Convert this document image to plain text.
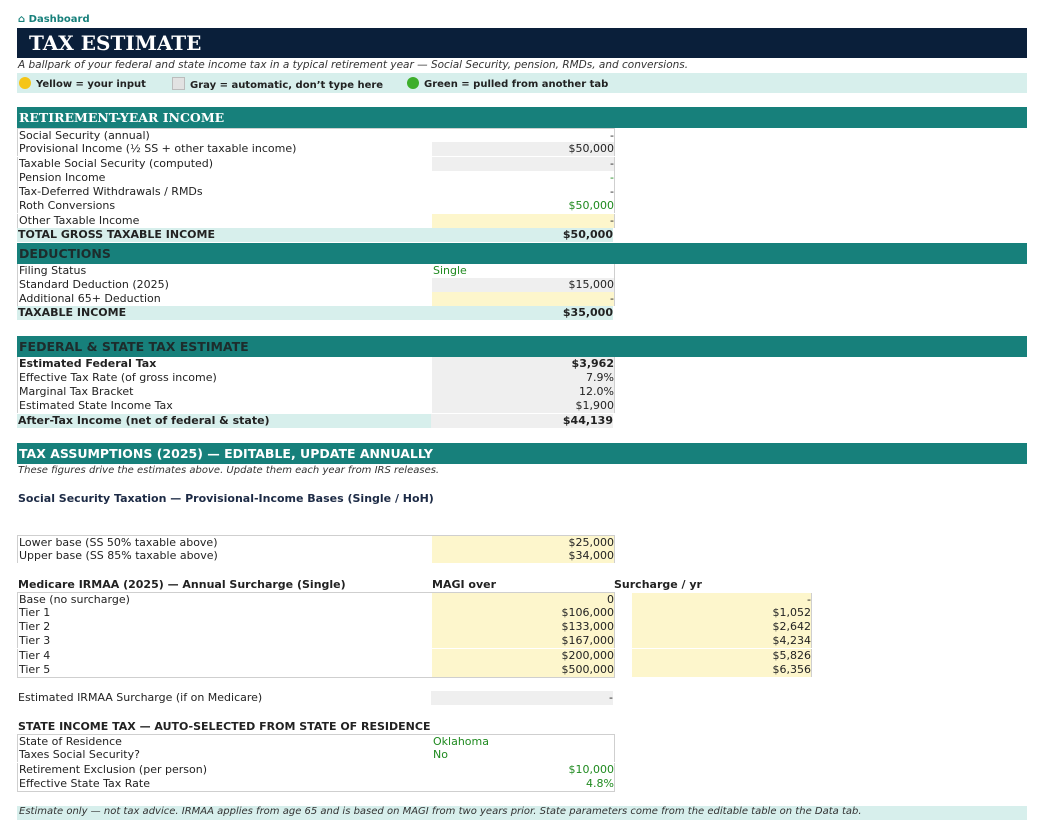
⌂ Dashboard
TAX ESTIMATE
A ballpark of your federal and state income tax in a typical retirement year — Social Security, pension, RMDs, and conversions.
Yellow = your input	Gray = automatic, don’t type here	Green = pulled from another tab
RETIREMENT-YEAR INCOME
Social Security (annual)	-
Provisional Income (½ SS + other taxable income)	$50,000
Taxable Social Security (computed)	-
Pension Income	-
Tax-Deferred Withdrawals / RMDs	-
Roth Conversions	$50,000
Other Taxable Income	-
TOTAL GROSS TAXABLE INCOME	$50,000
DEDUCTIONS
Filing Status	Single
Standard Deduction (2025)	$15,000
Additional 65+ Deduction	-
TAXABLE INCOME	$35,000
FEDERAL & STATE TAX ESTIMATE
Estimated Federal Tax	$3,962
Effective Tax Rate (of gross income)	7.9%
Marginal Tax Bracket	12.0%
Estimated State Income Tax	$1,900
After-Tax Income (net of federal & state)	$44,139
TAX ASSUMPTIONS (2025) — EDITABLE, UPDATE ANNUALLY
These figures drive the estimates above. Update them each year from IRS releases.
Social Security Taxation — Provisional-Income Bases (Single / HoH)
Lower base (SS 50% taxable above)	$25,000
Upper base (SS 85% taxable above)	$34,000
Medicare IRMAA (2025) — Annual Surcharge (Single)	MAGI over	Surcharge / yr
Base (no surcharge)	0	-
Tier 1	$106,000	$1,052
Tier 2	$133,000	$2,642
Tier 3	$167,000	$4,234
Tier 4	$200,000	$5,826
Tier 5	$500,000	$6,356
Estimated IRMAA Surcharge (if on Medicare)	-
STATE INCOME TAX — AUTO-SELECTED FROM STATE OF RESIDENCE
State of Residence	Oklahoma
Taxes Social Security?	No
Retirement Exclusion (per person)	$10,000
Effective State Tax Rate	4.8%
Estimate only — not tax advice. IRMAA applies from age 65 and is based on MAGI from two years prior. State parameters come from the editable table on the Data tab.
